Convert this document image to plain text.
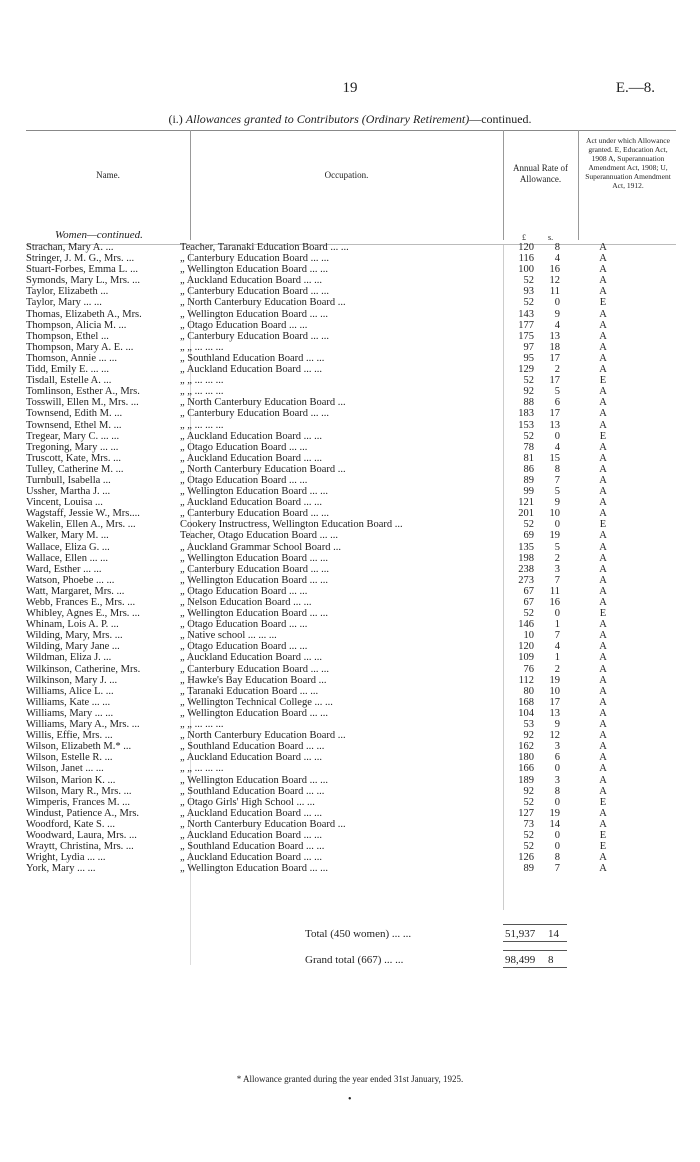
19	E.—8.
(i.) Allowances granted to Contributors (Ordinary Retirement)—continued.
Name.	Occupation.
Annual Rate of Allowance.
Act under which Allowance granted. E, Education Act, 1908 A, Superannuation Amendment Act, 1908; U, Superannuation Amendment Act, 1912.
£	s.
Women—continued.
Strachan, Mary A. ...	Teacher, Taranaki Education Board ... ...	120	8	A
Stringer, J. M. G., Mrs. ...	„ Canterbury Education Board ... ...	116	4	A
Stuart-Forbes, Emma L. ...	„ Wellington Education Board ... ...	100	16	A
Symonds, Mary L., Mrs. ...	„ Auckland Education Board ... ...	52	12	A
Taylor, Elizabeth ...	„ Canterbury Education Board ... ...	93	11	A
Taylor, Mary ... ...	„ North Canterbury Education Board ...	52	0	E
Thomas, Elizabeth A., Mrs.	„ Wellington Education Board ... ...	143	9	A
Thompson, Alicia M. ...	„ Otago Education Board ... ...	177	4	A
Thompson, Ethel ...	„ Canterbury Education Board ... ...	175	13	A
Thompson, Mary A. E. ...	„ „ ... ... ...	97	18	A
Thomson, Annie ... ...	„ Southland Education Board ... ...	95	17	A
Tidd, Emily E. ... ...	„ Auckland Education Board ... ...	129	2	A
Tisdall, Estelle A. ...	„ „ ... ... ...	52	17	E
Tomlinson, Esther A., Mrs.	„ „ ... ... ...	92	5	A
Tosswill, Ellen M., Mrs. ...	„ North Canterbury Education Board ...	88	6	A
Townsend, Edith M. ...	„ Canterbury Education Board ... ...	183	17	A
Townsend, Ethel M. ...	„ „ ... ... ...	153	13	A
Tregear, Mary C. ... ...	„ Auckland Education Board ... ...	52	0	E
Tregoning, Mary ... ...	„ Otago Education Board ... ...	78	4	A
Truscott, Kate, Mrs. ...	„ Auckland Education Board ... ...	81	15	A
Tulley, Catherine M. ...	„ North Canterbury Education Board ...	86	8	A
Turnbull, Isabella ...	„ Otago Education Board ... ...	89	7	A
Ussher, Martha J. ...	„ Wellington Education Board ... ...	99	5	A
Vincent, Louisa ...	„ Auckland Education Board ... ...	121	9	A
Wagstaff, Jessie W., Mrs....	„ Canterbury Education Board ... ...	201	10	A
Wakelin, Ellen A., Mrs. ...	Cookery Instructress, Wellington Education Board ...	52	0	E
Walker, Mary M. ...	Teacher, Otago Education Board ... ...	69	19	A
Wallace, Eliza G. ...	„ Auckland Grammar School Board ...	135	5	A
Wallace, Ellen ... ...	„ Wellington Education Board ... ...	198	2	A
Ward, Esther ... ...	„ Canterbury Education Board ... ...	238	3	A
Watson, Phoebe ... ...	„ Wellington Education Board ... ...	273	7	A
Watt, Margaret, Mrs. ...	„ Otago Education Board ... ...	67	11	A
Webb, Frances E., Mrs. ...	„ Nelson Education Board ... ...	67	16	A
Whibley, Agnes E., Mrs. ...	„ Wellington Education Board ... ...	52	0	E
Whinam, Lois A. P. ...	„ Otago Education Board ... ...	146	1	A
Wilding, Mary, Mrs. ...	„ Native school ... ... ...	10	7	A
Wilding, Mary Jane ...	„ Otago Education Board ... ...	120	4	A
Wildman, Eliza J. ...	„ Auckland Education Board ... ...	109	1	A
Wilkinson, Catherine, Mrs.	„ Canterbury Education Board ... ...	76	2	A
Wilkinson, Mary J. ...	„ Hawke's Bay Education Board ...	112	19	A
Williams, Alice L. ...	„ Taranaki Education Board ... ...	80	10	A
Williams, Kate ... ...	„ Wellington Technical College ... ...	168	17	A
Williams, Mary ... ...	„ Wellington Education Board ... ...	104	13	A
Williams, Mary A., Mrs. ...	„ „ ... ... ...	53	9	A
Willis, Effie, Mrs. ...	„ North Canterbury Education Board ...	92	12	A
Wilson, Elizabeth M.* ...	„ Southland Education Board ... ...	162	3	A
Wilson, Estelle R. ...	„ Auckland Education Board ... ...	180	6	A
Wilson, Janet ... ...	„ „ ... ... ...	166	0	A
Wilson, Marion K. ...	„ Wellington Education Board ... ...	189	3	A
Wilson, Mary R., Mrs. ...	„ Southland Education Board ... ...	92	8	A
Wimperis, Frances M. ...	„ Otago Girls' High School ... ...	52	0	E
Windust, Patience A., Mrs.	„ Auckland Education Board ... ...	127	19	A
Woodford, Kate S. ...	„ North Canterbury Education Board ...	73	14	A
Woodward, Laura, Mrs. ...	„ Auckland Education Board ... ...	52	0	E
Wraytt, Christina, Mrs. ...	„ Southland Education Board ... ...	52	0	E
Wright, Lydia ... ...	„ Auckland Education Board ... ...	126	8	A
York, Mary ... ...	„ Wellington Education Board ... ...	89	7	A
Total (450 women) ... ...	51,937 14
Grand total (667) ... ...	98,499 8
* Allowance granted during the year ended 31st January, 1925.
•
